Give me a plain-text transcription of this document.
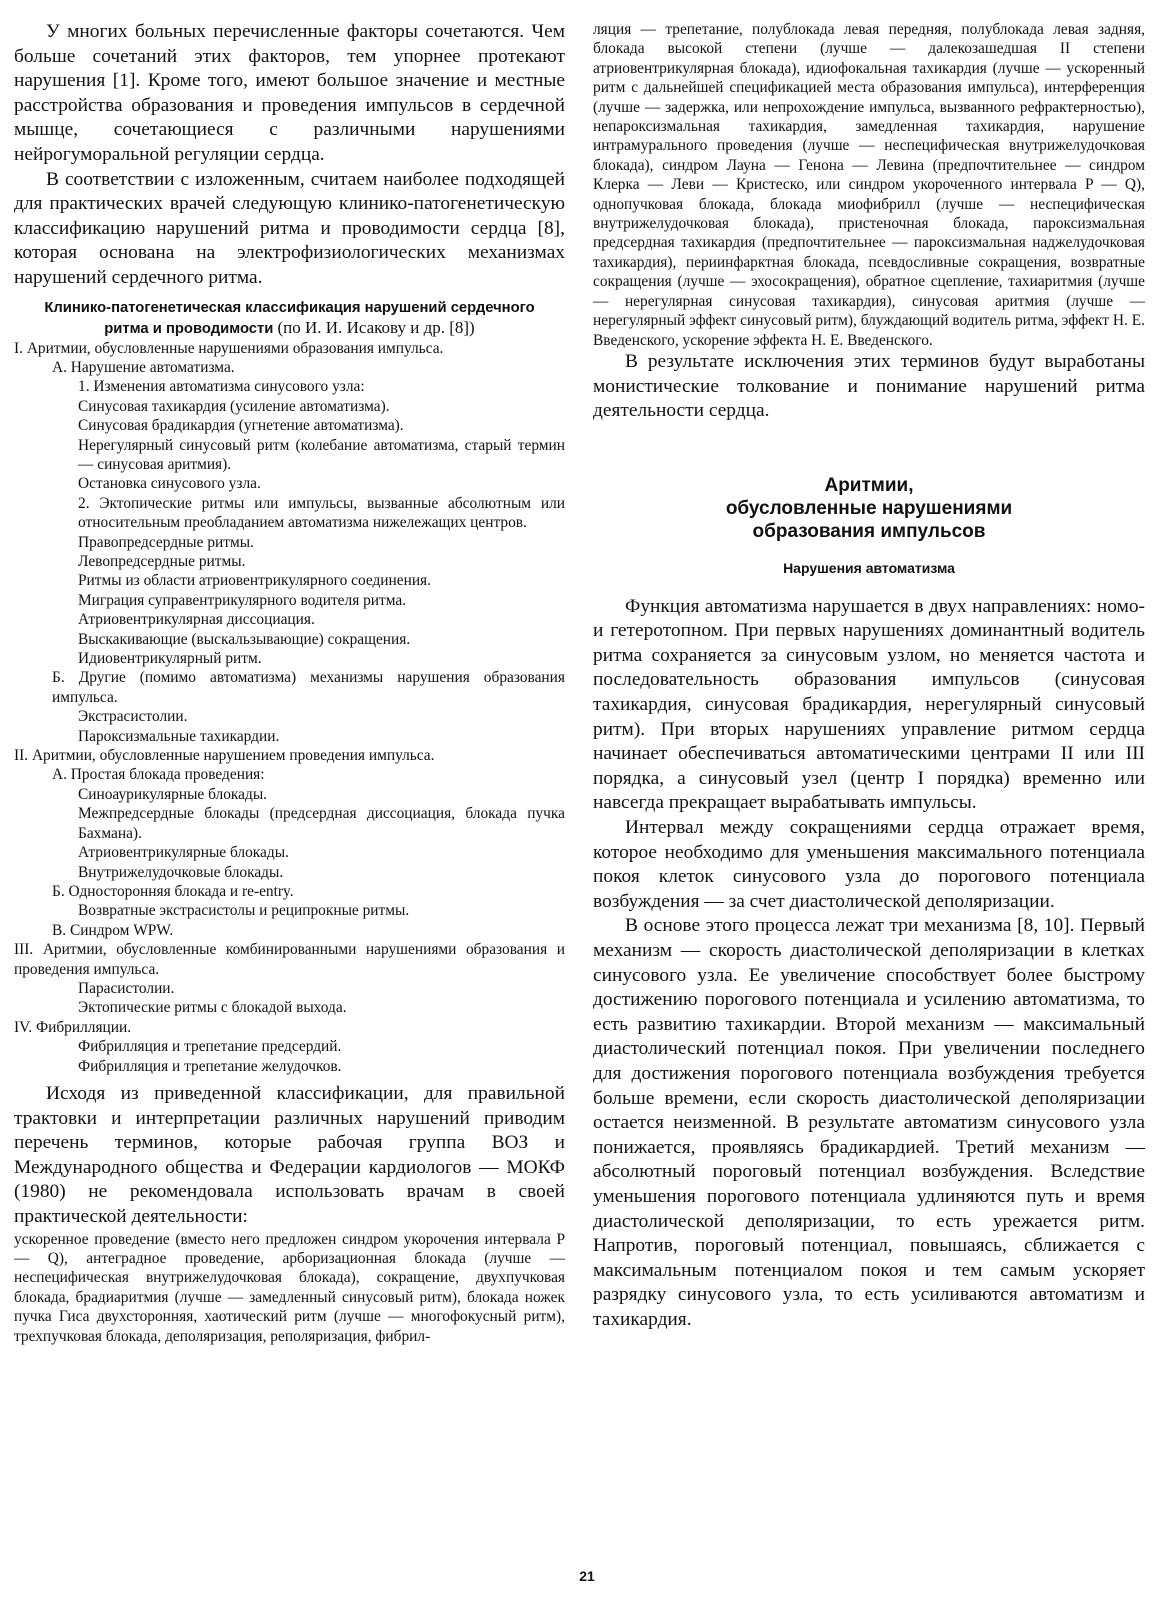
У многих больных перечисленные факторы сочетаются. Чем больше сочетаний этих факторов, тем упорнее протекают нарушения [1]. Кроме того, имеют большое значение и местные расстройства образования и проведения импульсов в сердечной мышце, сочетающиеся с различными нарушениями нейрогуморальной регуляции сердца.

В соответствии с изложенным, считаем наиболее подходящей для практических врачей следующую клинико-патогенетическую классификацию нарушений ритма и проводимости сердца [8], которая основана на электрофизиологических механизмах нарушений сердечного ритма.

Клинико-патогенетическая классификация нарушений сердечного ритма и проводимости (по И. И. Исакову и др. [8])
I. Аритмии, обусловленные нарушениями образования импульса.
А. Нарушение автоматизма.
1. Изменения автоматизма синусового узла:
Синусовая тахикардия (усиление автоматизма).
Синусовая брадикардия (угнетение автоматизма).
Нерегулярный синусовый ритм (колебание автоматизма, старый термин — синусовая аритмия).
Остановка синусового узла.
2. Эктопические ритмы или импульсы, вызванные абсолютным или относительным преобладанием автоматизма нижележащих центров.
Правопредсердные ритмы.
Левопредсердные ритмы.
Ритмы из области атриовентрикулярного соединения.
Миграция суправентрикулярного водителя ритма.
Атриовентрикулярная диссоциация.
Выскакивающие (выскальзывающие) сокращения.
Идиовентрикулярный ритм.
Б. Другие (помимо автоматизма) механизмы нарушения образования импульса.
Экстрасистолии.
Пароксизмальные тахикардии.
II. Аритмии, обусловленные нарушением проведения импульса.
А. Простая блокада проведения:
Синоаурикулярные блокады.
Межпредсердные блокады (предсердная диссоциация, блокада пучка Бахмана).
Атриовентрикулярные блокады.
Внутрижелудочковые блокады.
Б. Односторонняя блокада и re-entry.
Возвратные экстрасистолы и реципрокные ритмы.
В. Синдром WPW.
III. Аритмии, обусловленные комбинированными нарушениями образования и проведения импульса.
Парасистолии.
Эктопические ритмы с блокадой выхода.
IV. Фибрилляции.
Фибрилляция и трепетание предсердий.
Фибрилляция и трепетание желудочков.

Исходя из приведенной классификации, для правильной трактовки и интерпретации различных нарушений приводим перечень терминов, которые рабочая группа ВОЗ и Международного общества и Федерации кардиологов — МОКФ (1980) не рекомендовала использовать врачам в своей практической деятельности:

ускоренное проведение (вместо него предложен синдром укорочения интервала P — Q), антеградное проведение, арборизационная блокада (лучше — неспецифическая внутрижелудочковая блокада), сокращение, двухпучковая блокада, брадиаритмия (лучше — замедленный синусовый ритм), блокада ножек пучка Гиса двухсторонняя, хаотический ритм (лучше — многофокусный ритм), трехпучковая блокада, деполяризация, реполяризация, фибрил-

ляция — трепетание, полублокада левая передняя, полублокада левая задняя, блокада высокой степени (лучше — далекозашедшая II степени атриовентрикулярная блокада), идиофокальная тахикардия (лучше — ускоренный ритм с дальнейшей спецификацией места образования импульса), интерференция (лучше — задержка, или непрохождение импульса, вызванного рефрактерностью), непароксизмальная тахикардия, замедленная тахикардия, нарушение интрамурального проведения (лучше — неспецифическая внутрижелудочковая блокада), синдром Лауна — Генона — Левина (предпочтительнее — синдром Клерка — Леви — Кристеско, или синдром укороченного интервала P — Q), однопучковая блокада, блокада миофибрилл (лучше — неспецифическая внутрижелудочковая блокада), пристеночная блокада, пароксизмальная предсердная тахикардия (предпочтительнее — пароксизмальная наджелудочковая тахикардия), периинфарктная блокада, псевдосливные сокращения, возвратные сокращения (лучше — эхосокращения), обратное сцепление, тахиаритмия (лучше — нерегулярная синусовая тахикардия), синусовая аритмия (лучше — нерегулярный эффект синусовый ритм), блуждающий водитель ритма, эффект Н. Е. Введенского, ускорение эффекта Н. Е. Введенского.

В результате исключения этих терминов будут выработаны монистические толкование и понимание нарушений ритма деятельности сердца.

Аритмии,
обусловленные нарушениями
образования импульсов
Нарушения автоматизма

Функция автоматизма нарушается в двух направлениях: номо- и гетеротопном. При первых нарушениях доминантный водитель ритма сохраняется за синусовым узлом, но меняется частота и последовательность образования импульсов (синусовая тахикардия, синусовая брадикардия, нерегулярный синусовый ритм). При вторых нарушениях управление ритмом сердца начинает обеспечиваться автоматическими центрами II или III порядка, а синусовый узел (центр I порядка) временно или навсегда прекращает вырабатывать импульсы.

Интервал между сокращениями сердца отражает время, которое необходимо для уменьшения максимального потенциала покоя клеток синусового узла до порогового потенциала возбуждения — за счет диастолической деполяризации.

В основе этого процесса лежат три механизма [8, 10]. Первый механизм — скорость диастолической деполяризации в клетках синусового узла. Ее увеличение способствует более быстрому достижению порогового потенциала и усилению автоматизма, то есть развитию тахикардии. Второй механизм — максимальный диастолический потенциал покоя. При увеличении последнего для достижения порогового потенциала возбуждения требуется больше времени, если скорость диастолической деполяризации остается неизменной. В результате автоматизм синусового узла понижается, проявляясь брадикардией. Третий механизм — абсолютный пороговый потенциал возбуждения. Вследствие уменьшения порогового потенциала удлиняются путь и время диастолической деполяризации, то есть урежается ритм. Напротив, пороговый потенциал, повышаясь, сближается с максимальным потенциалом покоя и тем самым ускоряет разрядку синусового узла, то есть усиливаются автоматизм и тахикардия.

21
